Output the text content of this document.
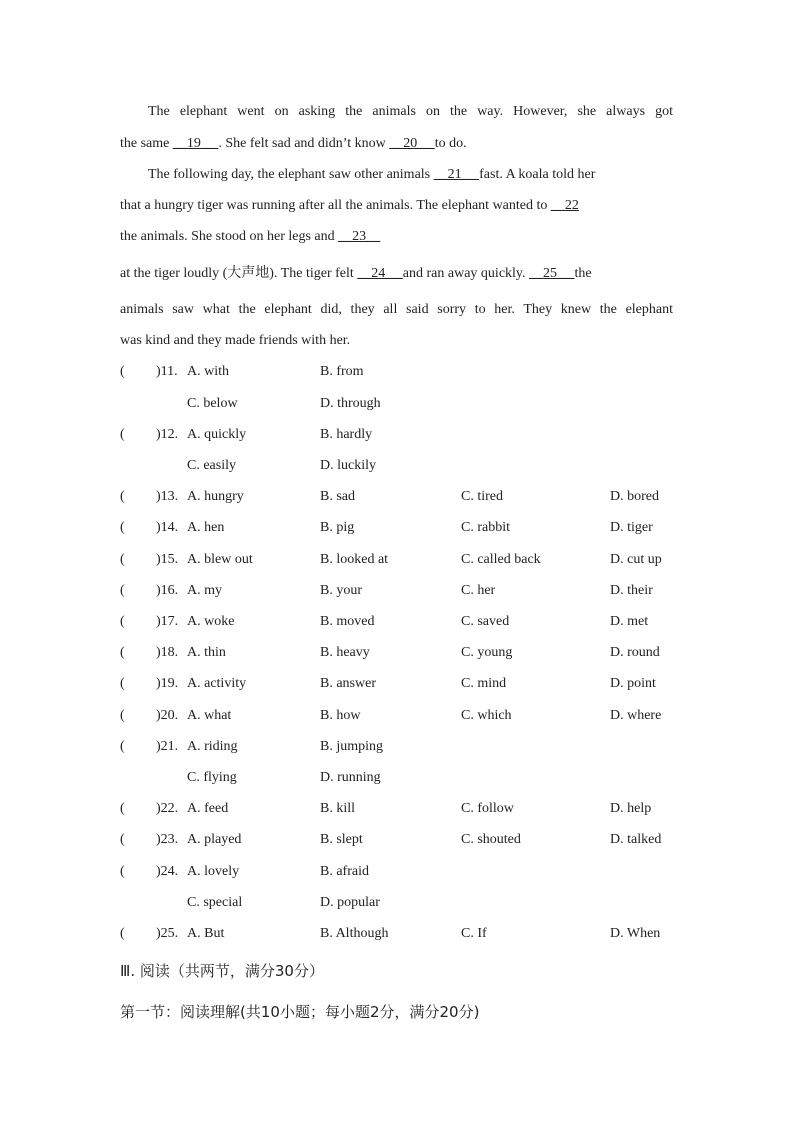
The elephant went on asking the animals on the way. However, she always got
the same __19__ . She felt sad and didn’t know __20__ to do.
The following day, the elephant saw other animals __21__ fast. A koala told her
that a hungry tiger was running after all the animals. The elephant wanted to __22
the animals. She stood on her legs and __23__
at the tiger loudly (大声地). The tiger felt __24__ and ran away quickly. __25__ the
animals saw what the elephant did, they all said sorry to her. They knew the elephant
was kind and they made friends with her.
( )11. A. with	B. from
C. below	D. through
( )12. A. quickly	B. hardly
C. easily	D. luckily
( )13. A. hungry	B. sad	C. tired	D. bored
( )14. A. hen	B. pig	C. rabbit	D. tiger
( )15. A. blew out	B. looked at	C. called back	D. cut up
( )16. A. my	B. your	C. her	D. their
( )17. A. woke	B. moved	C. saved	D. met
( )18. A. thin	B. heavy	C. young	D. round
( )19. A. activity	B. answer	C. mind	D. point
( )20. A. what	B. how	C. which	D. where
( )21. A. riding	B. jumping
C. flying	D. running
( )22. A. feed	B. kill	C. follow	D. help
( )23. A. played	B. slept	C. shouted	D. talked
( )24. A. lovely	B. afraid
C. special	D. popular
( )25. A. But	B. Although	C. If	D. When
Ⅲ. 阅读（共两节，满分30分）
第一节：阅读理解(共10小题；每小题2分，满分20分)
